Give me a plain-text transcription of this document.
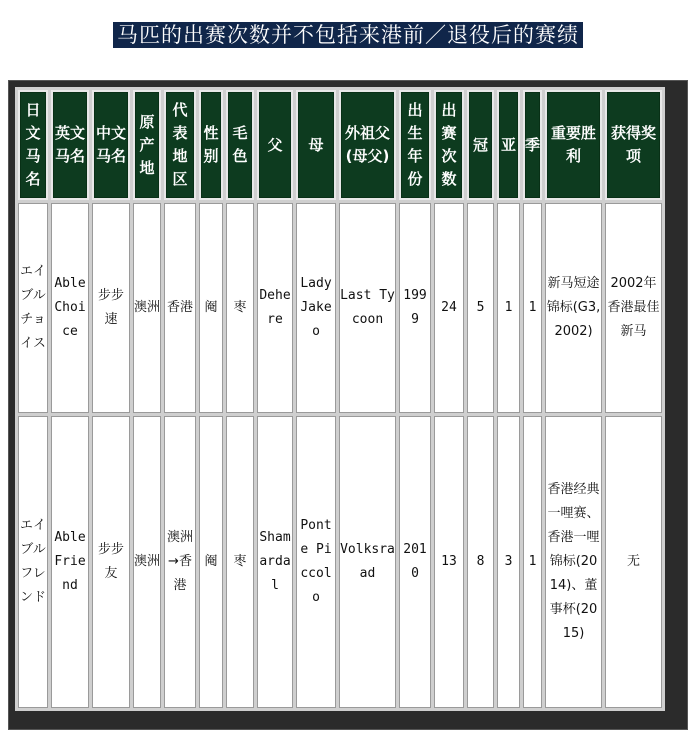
马匹的出赛次数并不包括来港前／退役后的赛绩
日文马名	英文马名	中文马名	原产地	代表地区	性别	毛色	父	母	外祖父(母父)	出生年份	出赛次数	冠	亚	季	重要胜利	获得奖项
エイブルチョイス	Able Choice	步步速	澳洲	香港	阉	枣	Dehere	Lady Jakeo	Last Tycoon	1999	24	5	1	1	新马短途锦标(G3,2002)	2002年香港最佳新马
エイブルフレンド	Able Friend	步步友	澳洲	澳洲→香港	阉	枣	Shamardal	Ponte Piccolo	Volksraad	2010	13	8	3	1	香港经典一哩赛、香港一哩锦标(2014)、董事杯(2015)	无
